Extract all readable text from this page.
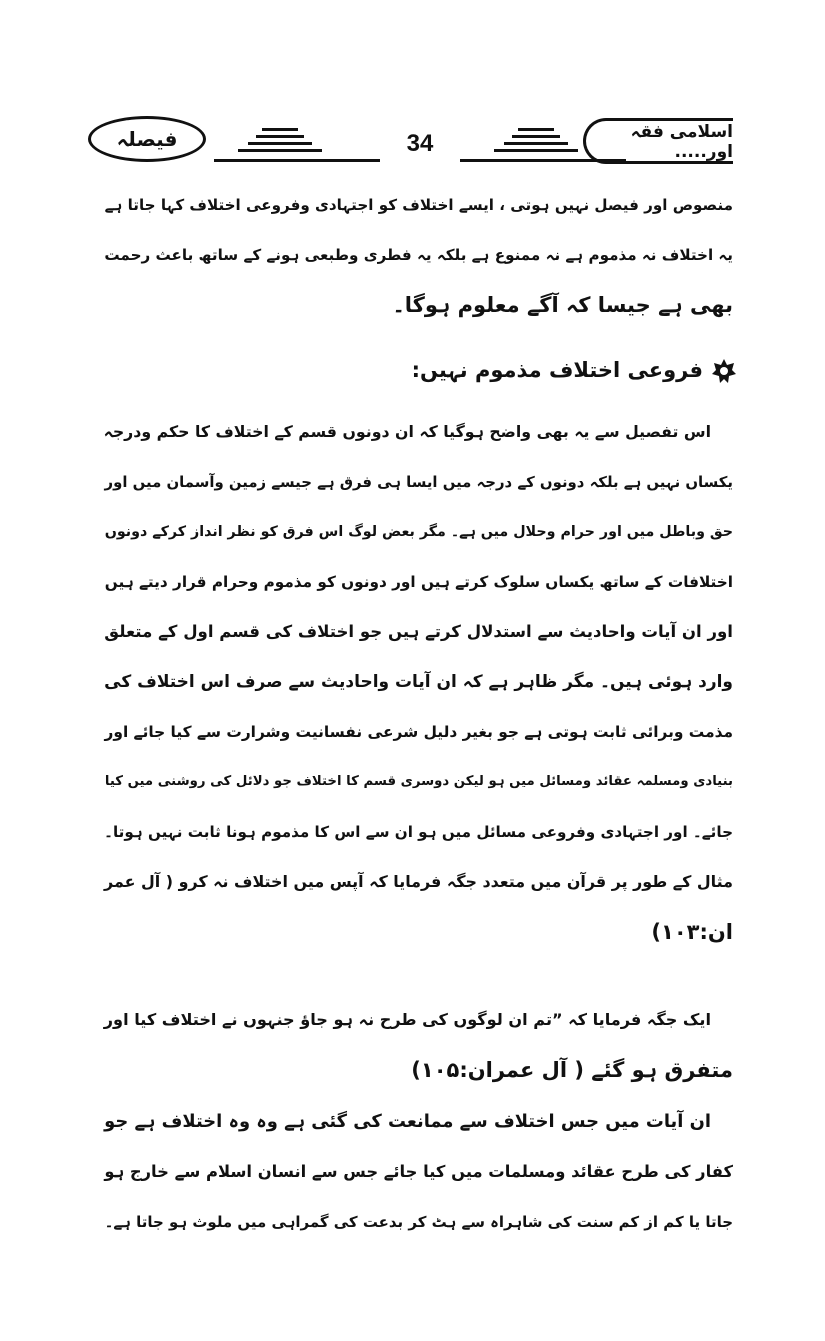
فیصلہ	34	اسلامی فقہ اور.....
منصوص اور فیصل نہیں ہوتی ، ایسے اختلاف کو اجتہادی وفروعی اختلاف کہا جاتا ہے
یہ اختلاف نہ مذموم ہے نہ ممنوع ہے بلکہ یہ فطری وطبعی ہونے کے ساتھ باعث رحمت
بھی ہے جیسا کہ آگے معلوم ہوگا۔
فروعی اختلاف مذموم نہیں:
اس تفصیل سے یہ بھی واضح ہوگیا کہ ان دونوں قسم کے اختلاف کا حکم ودرجہ
یکساں نہیں ہے بلکہ دونوں کے درجہ میں ایسا ہی فرق ہے جیسے زمین وآسمان میں اور
حق وباطل میں اور حرام وحلال میں ہے۔ مگر بعض لوگ اس فرق کو نظر انداز کرکے دونوں
اختلافات کے ساتھ یکساں سلوک کرتے ہیں اور دونوں کو مذموم وحرام قرار دیتے ہیں
اور ان آیات واحادیث سے استدلال کرتے ہیں جو اختلاف کی قسم اول کے متعلق
وارد ہوئی ہیں۔ مگر ظاہر ہے کہ ان آیات واحادیث سے صرف اس اختلاف کی
مذمت وبرائی ثابت ہوتی ہے جو بغیر دلیل شرعی نفسانیت وشرارت سے کیا جائے اور
بنیادی ومسلمہ عقائد ومسائل میں ہو لیکن دوسری قسم کا اختلاف جو دلائل کی روشنی میں کیا
جائے۔ اور اجتہادی وفروعی مسائل میں ہو ان سے اس کا مذموم ہونا ثابت نہیں ہوتا۔
مثال کے طور پر قرآن میں متعدد جگہ فرمایا کہ آپس میں اختلاف نہ کرو ( آل عمر
ان:۱۰۳)
ایک جگہ فرمایا کہ ”تم ان لوگوں کی طرح نہ ہو جاؤ جنہوں نے اختلاف کیا اور
متفرق ہو گئے ( آل عمران:۱۰۵)
ان آیات میں جس اختلاف سے ممانعت کی گئی ہے وہ وہ اختلاف ہے جو
کفار کی طرح عقائد ومسلمات میں کیا جائے جس سے انسان اسلام سے خارج ہو
جاتا یا کم از کم سنت کی شاہراہ سے ہٹ کر بدعت کی گمراہی میں ملوث ہو جاتا ہے۔
